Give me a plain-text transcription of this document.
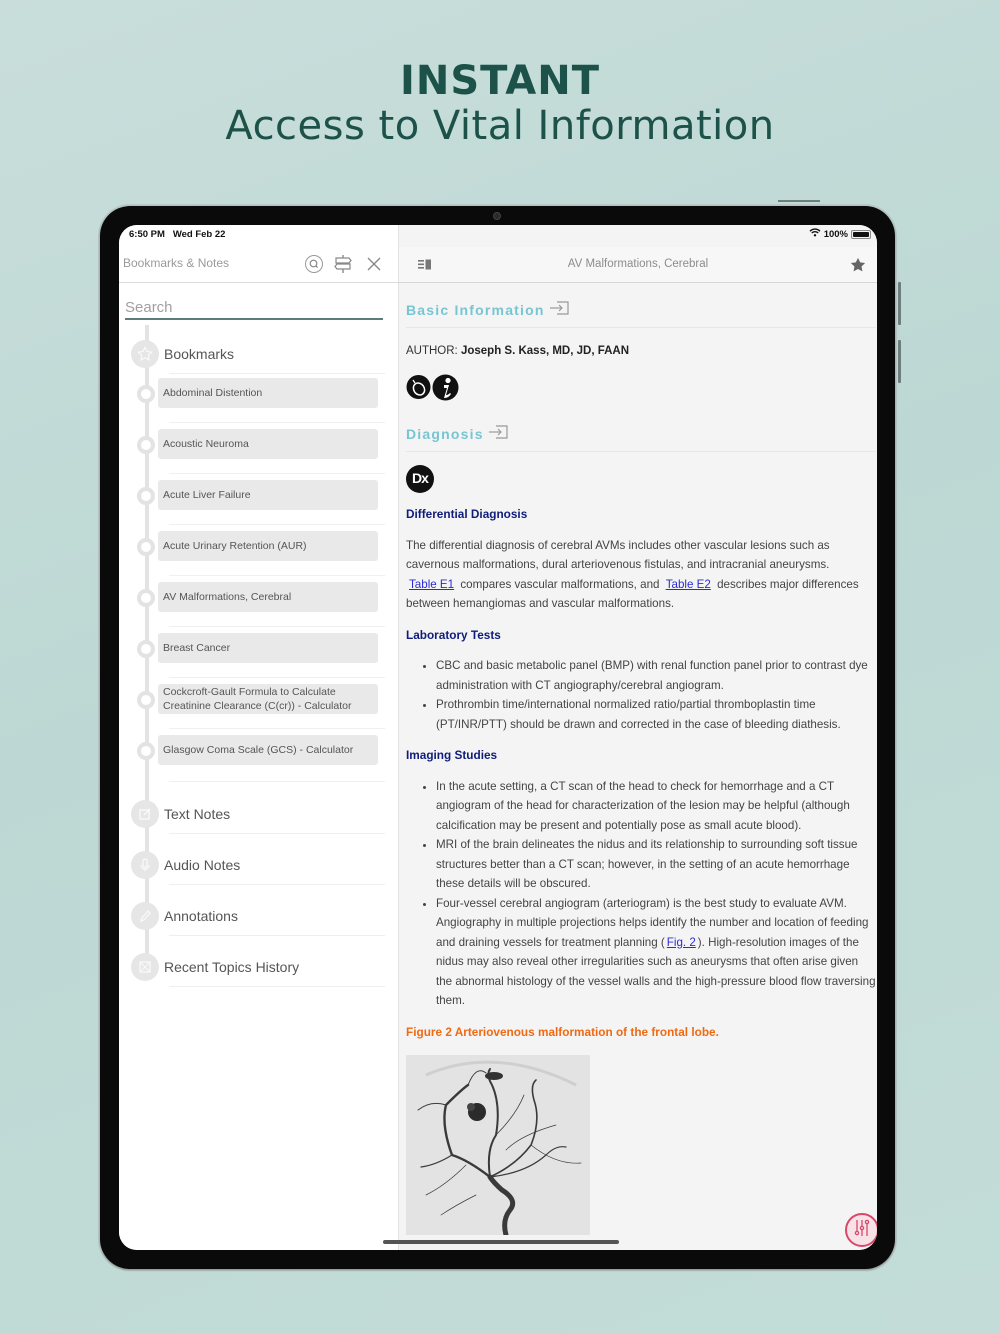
INSTANT
Access to Vital Information
Bookmarks & Notes
Search
Bookmarks
Abdominal Distention
Acoustic Neuroma
Acute Liver Failure
Acute Urinary Retention (AUR)
AV Malformations, Cerebral
Breast Cancer
Cockcroft-Gault Formula to Calculate Creatinine Clearance (C(cr)) - Calculator
Glasgow Coma Scale (GCS) - Calculator
Text Notes
Audio Notes
Annotations
Recent Topics History
AV Malformations, Cerebral
Basic Information
AUTHOR: Joseph S. Kass, MD, JD, FAAN
Diagnosis
Dx
Differential Diagnosis
The differential diagnosis of cerebral AVMs includes other vascular lesions such as cavernous malformations, dural arteriovenous fistulas, and intracranial aneurysms.
Table E1 compares vascular malformations, and Table E2 describes major differences between hemangiomas and vascular malformations.
Laboratory Tests
• CBC and basic metabolic panel (BMP) with renal function panel prior to contrast dye administration with CT angiography/cerebral angiogram.
• Prothrombin time/international normalized ratio/partial thromboplastin time (PT/INR/PTT) should be drawn and corrected in the case of bleeding diathesis.
Imaging Studies
• In the acute setting, a CT scan of the head to check for hemorrhage and a CT angiogram of the head for characterization of the lesion may be helpful (although calcification may be present and potentially pose as small acute blood).
• MRI of the brain delineates the nidus and its relationship to surrounding soft tissue structures better than a CT scan; however, in the setting of an acute hemorrhage these details will be obscured.
• Four-vessel cerebral angiogram (arteriogram) is the best study to evaluate AVM. Angiography in multiple projections helps identify the number and location of feeding and draining vessels for treatment planning ( Fig. 2 ). High-resolution images of the nidus may also reveal other irregularities such as aneurysms that often arise given the abnormal histology of the vessel walls and the high-pressure blood flow traversing them.
Figure 2 Arteriovenous malformation of the frontal lobe.
6:50 PM Wed Feb 22	100%
